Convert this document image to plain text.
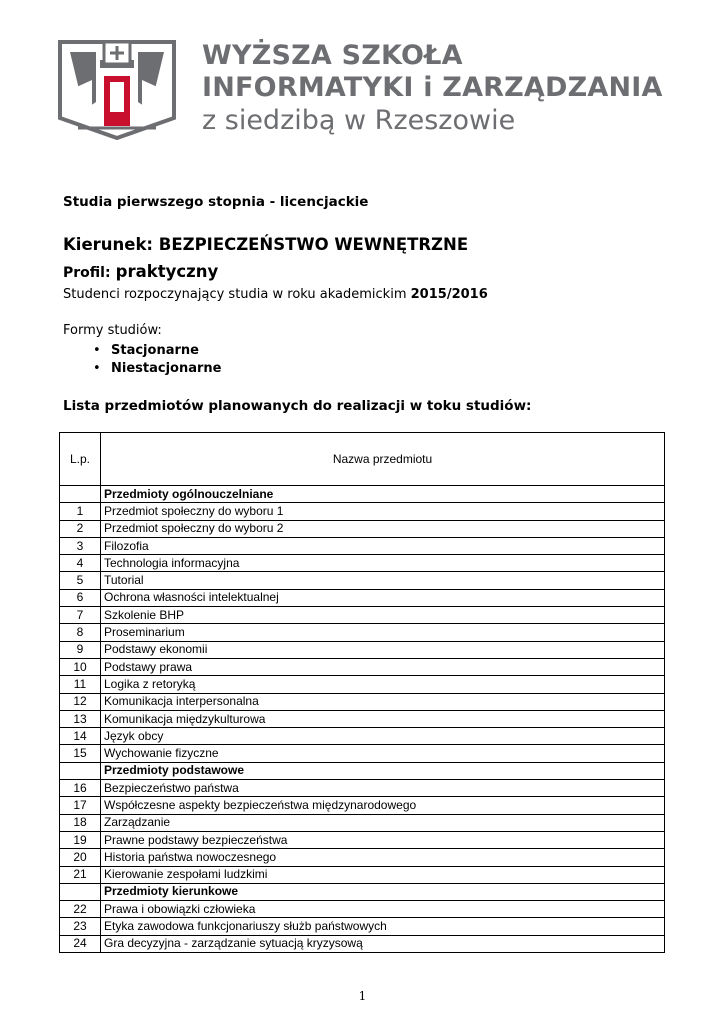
WYŻSZA SZKOŁA
INFORMATYKI i ZARZĄDZANIA
z siedzibą w Rzeszowie
Studia pierwszego stopnia - licencjackie
Kierunek: BEZPIECZEŃSTWO WEWNĘTRZNE
Profil: praktyczny
Studenci rozpoczynający studia w roku akademickim 2015/2016
Formy studiów:
• Stacjonarne
• Niestacjonarne
Lista przedmiotów planowanych do realizacji w toku studiów:
L.p.	Nazwa przedmiotu
	Przedmioty ogólnouczelniane
1	Przedmiot społeczny do wyboru 1
2	Przedmiot społeczny do wyboru 2
3	Filozofia
4	Technologia informacyjna
5	Tutorial
6	Ochrona własności intelektualnej
7	Szkolenie BHP
8	Proseminarium
9	Podstawy ekonomii
10	Podstawy prawa
11	Logika z retoryką
12	Komunikacja interpersonalna
13	Komunikacja międzykulturowa
14	Język obcy
15	Wychowanie fizyczne
	Przedmioty podstawowe
16	Bezpieczeństwo państwa
17	Współczesne aspekty bezpieczeństwa międzynarodowego
18	Zarządzanie
19	Prawne podstawy bezpieczeństwa
20	Historia państwa nowoczesnego
21	Kierowanie zespołami ludzkimi
	Przedmioty kierunkowe
22	Prawa i obowiązki człowieka
23	Etyka zawodowa funkcjonariuszy służb państwowych
24	Gra decyzyjna - zarządzanie sytuacją kryzysową
1
